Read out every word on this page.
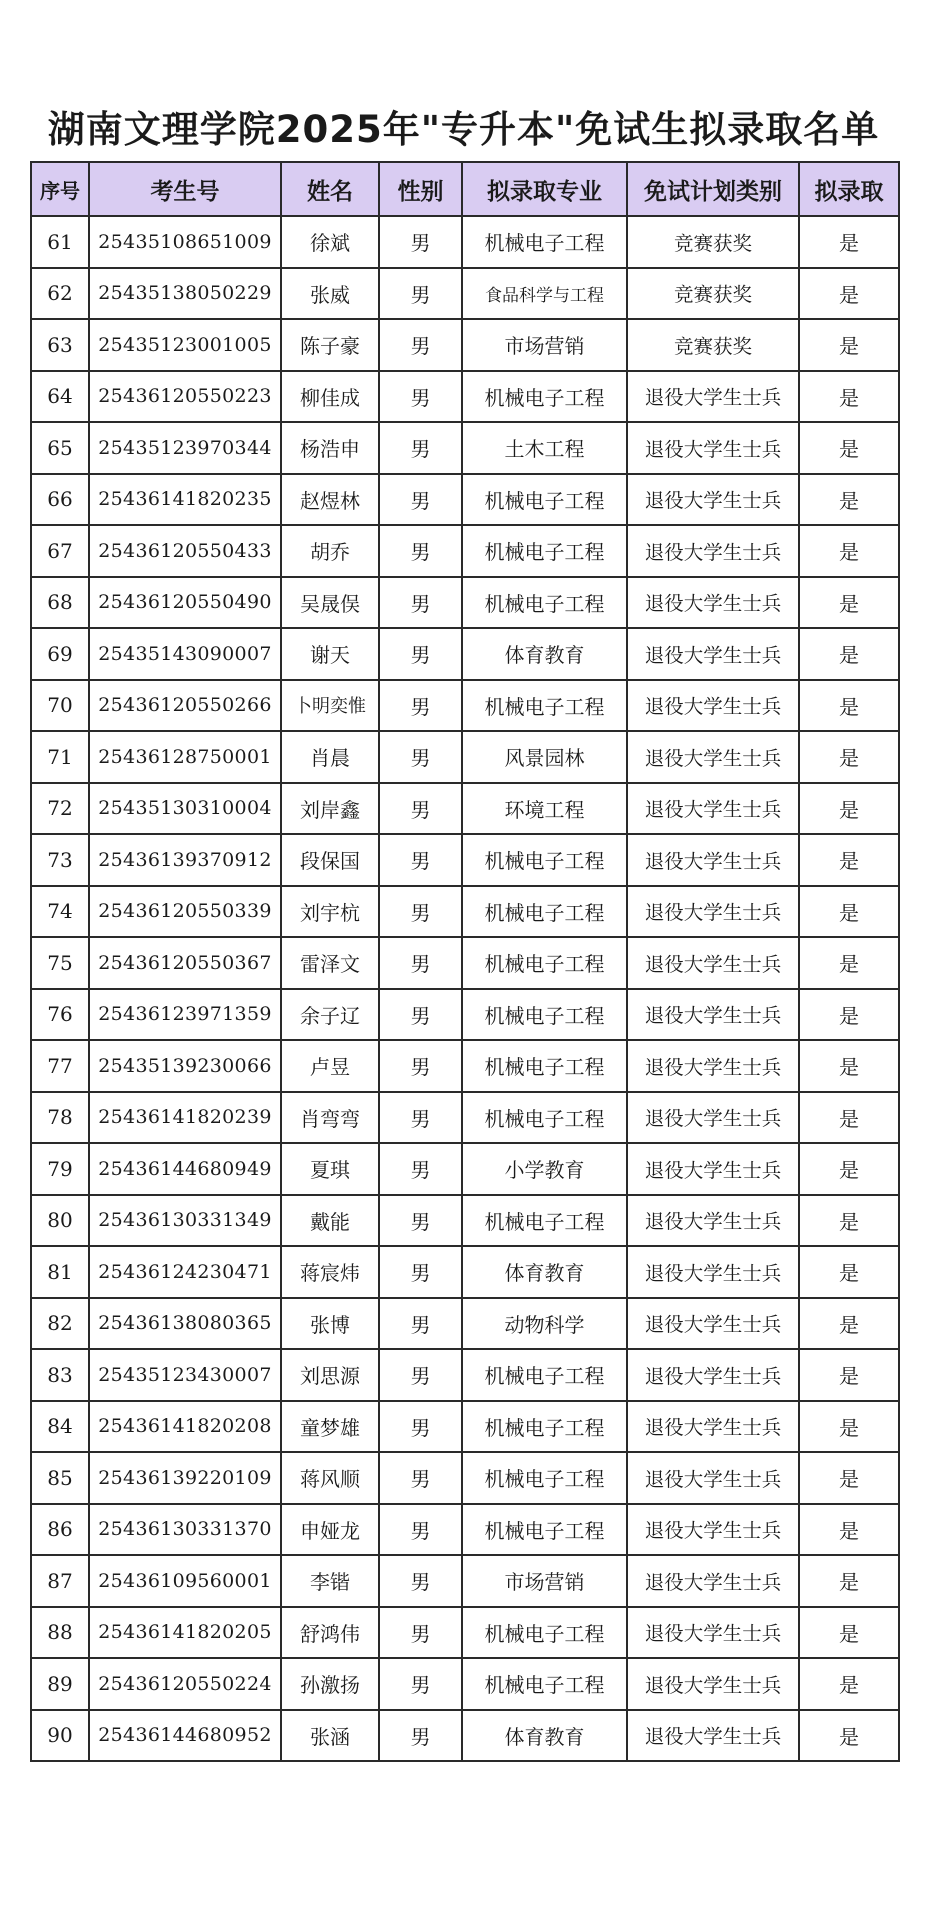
湖南文理学院2025年"专升本"免试生拟录取名单
序号	考生号	姓名	性别	拟录取专业	免试计划类别	拟录取
61	25435108651009	徐斌	男	机械电子工程	竞赛获奖	是
62	25435138050229	张威	男	食品科学与工程	竞赛获奖	是
63	25435123001005	陈子豪	男	市场营销	竞赛获奖	是
64	25436120550223	柳佳成	男	机械电子工程	退役大学生士兵	是
65	25435123970344	杨浩申	男	土木工程	退役大学生士兵	是
66	25436141820235	赵煜林	男	机械电子工程	退役大学生士兵	是
67	25436120550433	胡乔	男	机械电子工程	退役大学生士兵	是
68	25436120550490	吴晟俣	男	机械电子工程	退役大学生士兵	是
69	25435143090007	谢天	男	体育教育	退役大学生士兵	是
70	25436120550266	卜明奕惟	男	机械电子工程	退役大学生士兵	是
71	25436128750001	肖晨	男	风景园林	退役大学生士兵	是
72	25435130310004	刘岸鑫	男	环境工程	退役大学生士兵	是
73	25436139370912	段保国	男	机械电子工程	退役大学生士兵	是
74	25436120550339	刘宇杭	男	机械电子工程	退役大学生士兵	是
75	25436120550367	雷泽文	男	机械电子工程	退役大学生士兵	是
76	25436123971359	余子辽	男	机械电子工程	退役大学生士兵	是
77	25435139230066	卢昱	男	机械电子工程	退役大学生士兵	是
78	25436141820239	肖弯弯	男	机械电子工程	退役大学生士兵	是
79	25436144680949	夏琪	男	小学教育	退役大学生士兵	是
80	25436130331349	戴能	男	机械电子工程	退役大学生士兵	是
81	25436124230471	蒋宸炜	男	体育教育	退役大学生士兵	是
82	25436138080365	张博	男	动物科学	退役大学生士兵	是
83	25435123430007	刘思源	男	机械电子工程	退役大学生士兵	是
84	25436141820208	童梦雄	男	机械电子工程	退役大学生士兵	是
85	25436139220109	蒋风顺	男	机械电子工程	退役大学生士兵	是
86	25436130331370	申娅龙	男	机械电子工程	退役大学生士兵	是
87	25436109560001	李锴	男	市场营销	退役大学生士兵	是
88	25436141820205	舒鸿伟	男	机械电子工程	退役大学生士兵	是
89	25436120550224	孙激扬	男	机械电子工程	退役大学生士兵	是
90	25436144680952	张涵	男	体育教育	退役大学生士兵	是
